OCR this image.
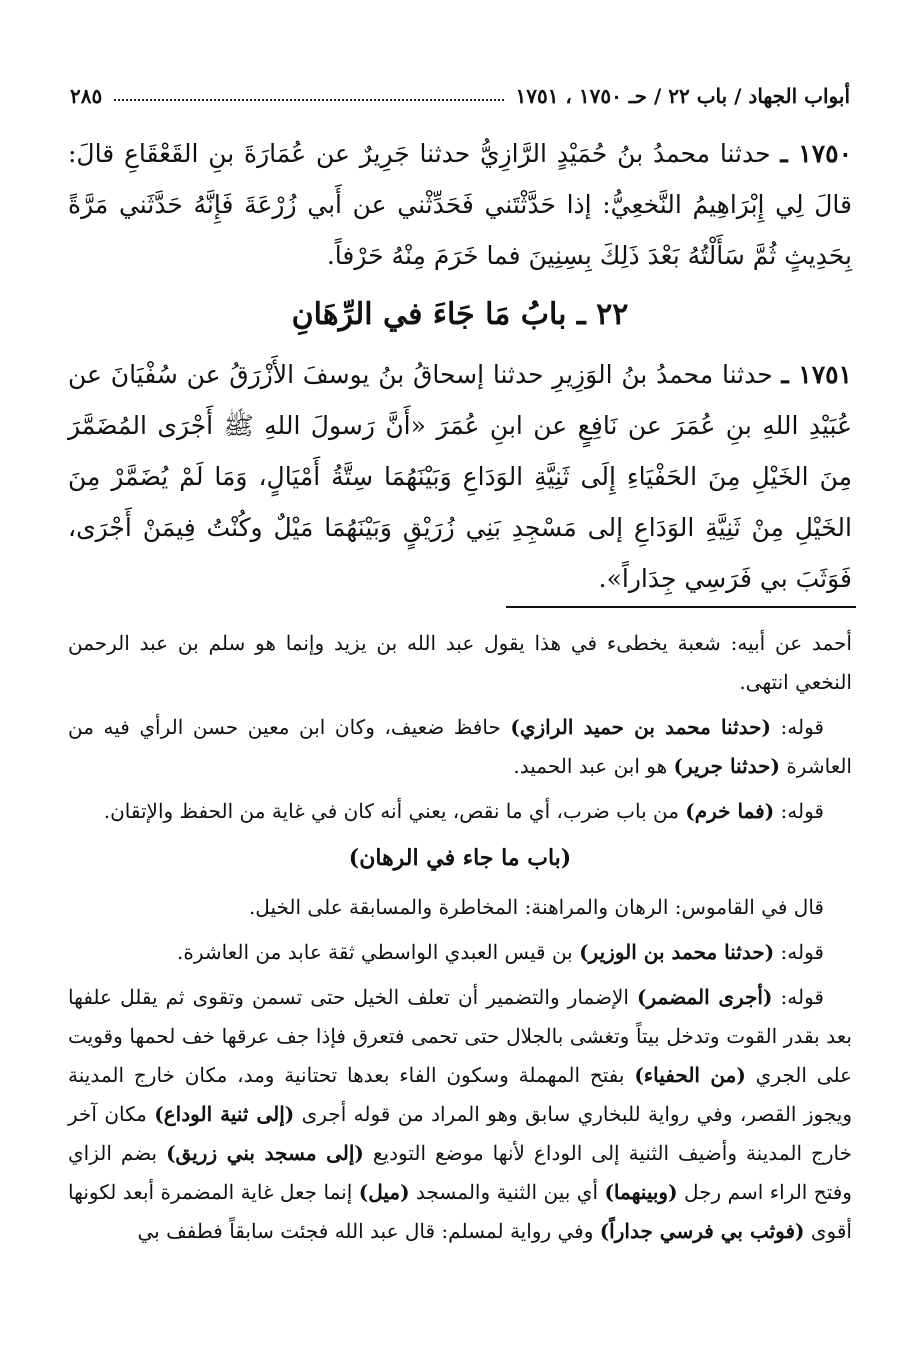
أبواب الجهاد / باب ٢٢ / حـ ١٧٥٠ ، ١٧٥١
٢٨٥

١٧٥٠ ـ حدثنا محمدُ بنُ حُمَيْدٍ الرَّازِيُّ حدثنا جَرِيرٌ عن عُمَارَةَ بنِ القَعْقَاعِ قالَ: قالَ لِي إِبْرَاهِيمُ النَّخعِيُّ: إذا حَدَّثْتَني فَحَدِّثْني عن أَبي زُرْعَةَ فَإِنَّهُ حَدَّثَني مَرَّةً بِحَدِيثٍ ثُمَّ سَأَلْتُهُ بَعْدَ ذَلِكَ بِسِنِينَ فما خَرَمَ مِنْهُ حَرْفاً.

٢٢ ـ بابُ مَا جَاءَ في الرِّهَانِ

١٧٥١ ـ حدثنا محمدُ بنُ الوَزِيرِ حدثنا إسحاقُ بنُ يوسفَ الأَزْرَقُ عن سُفْيَانَ عن عُبَيْدِ اللهِ بنِ عُمَرَ عن نَافِعٍ عن ابنِ عُمَرَ «أَنَّ رَسولَ اللهِ ﷺ أَجْرَى المُضَمَّرَ مِنَ الخَيْلِ مِنَ الحَفْيَاءِ إِلَى ثَنِيَّةِ الوَدَاعِ وَبَيْنَهُمَا سِتَّةُ أَمْيَالٍ، وَمَا لَمْ يُضَمَّرْ مِنَ الخَيْلِ مِنْ ثَنِيَّةِ الوَدَاعِ إلى مَسْجِدِ بَنِي زُرَيْقٍ وَبَيْنَهُمَا مَيْلٌ وكُنْتُ فِيمَنْ أَجْرَى، فَوَثَبَ بي فَرَسِي جِدَاراً».

أحمد عن أبيه: شعبة يخطىء في هذا يقول عبد الله بن يزيد وإنما هو سلم بن عبد الرحمن النخعي انتهى.

قوله: (حدثنا محمد بن حميد الرازي) حافظ ضعيف، وكان ابن معين حسن الرأي فيه من العاشرة (حدثنا جرير) هو ابن عبد الحميد.

قوله: (فما خرم) من باب ضرب، أي ما نقص، يعني أنه كان في غاية من الحفظ والإتقان.

(باب ما جاء في الرهان)

قال في القاموس: الرهان والمراهنة: المخاطرة والمسابقة على الخيل.

قوله: (حدثنا محمد بن الوزير) بن قيس العبدي الواسطي ثقة عابد من العاشرة.

قوله: (أجرى المضمر) الإضمار والتضمير أن تعلف الخيل حتى تسمن وتقوى ثم يقلل علفها بعد بقدر القوت وتدخل بيتاً وتغشى بالجلال حتى تحمى فتعرق فإذا جف عرقها خف لحمها وقويت على الجري (من الحفياء) بفتح المهملة وسكون الفاء بعدها تحتانية ومد، مكان خارج المدينة ويجوز القصر، وفي رواية للبخاري سابق وهو المراد من قوله أجرى (إلى ثنية الوداع) مكان آخر خارج المدينة وأضيف الثنية إلى الوداع لأنها موضع التوديع (إلى مسجد بني زريق) بضم الزاي وفتح الراء اسم رجل (وبينهما) أي بين الثنية والمسجد (ميل) إنما جعل غاية المضمرة أبعد لكونها أقوى (فوثب بي فرسي جداراً) وفي رواية لمسلم: قال عبد الله فجئت سابقاً فطفف بي
